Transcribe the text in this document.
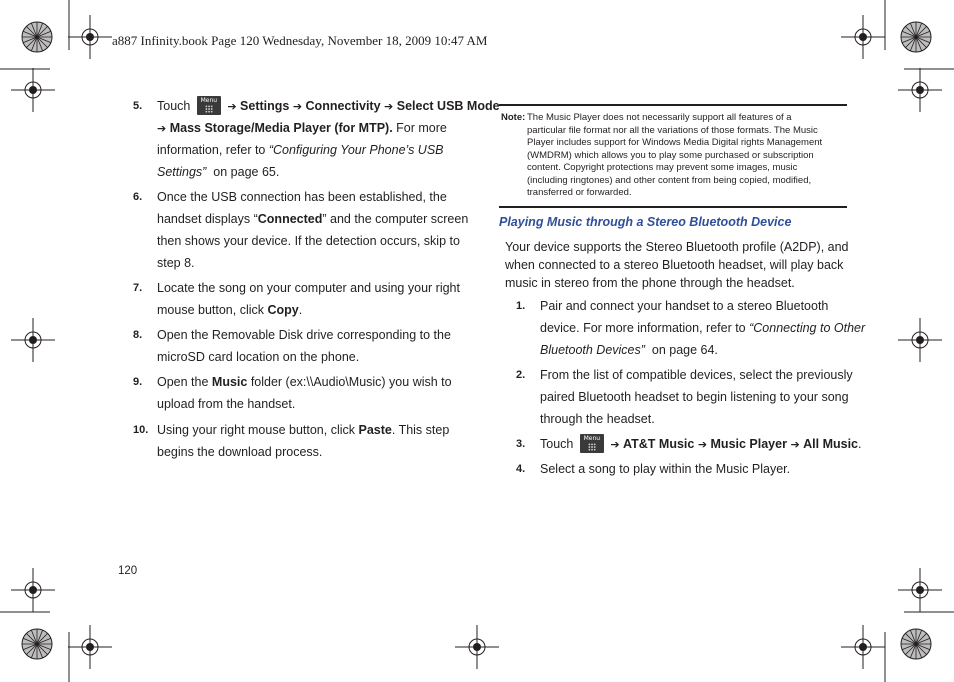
a887 Infinity.book Page 120 Wednesday, November 18, 2009 10:47 AM
5. Touch	Menu ➔ Settings ➔ Connectivity ➔ Select USB Mode
➔ Mass Storage/Media Player (for MTP). For more
information, refer to “Configuring Your Phone’s USB
Settings”  on page 65.
6. Once the USB connection has been established, the
handset displays “Connected” and the computer screen
then shows your device. If the detection occurs, skip to
step 8.
7. Locate the song on your computer and using your right
mouse button, click Copy.
8. Open the Removable Disk drive corresponding to the
microSD card location on the phone.
9. Open the Music folder (ex:\\Audio\Music) you wish to
upload from the handset.
10. Using your right mouse button, click Paste. This step
begins the download process.
Note: The Music Player does not necessarily support all features of a
particular file format nor all the variations of those formats. The Music
Player includes support for Windows Media Digital rights Management
(WMDRM) which allows you to play some purchased or subscription
content. Copyright protections may prevent some images, music
(including ringtones) and other content from being copied, modified,
transferred or forwarded.
Playing Music through a Stereo Bluetooth Device
Your device supports the Stereo Bluetooth profile (A2DP), and
when connected to a stereo Bluetooth headset, will play back
music in stereo from the phone through the headset.
1. Pair and connect your handset to a stereo Bluetooth
device. For more information, refer to “Connecting to Other
Bluetooth Devices”  on page 64.
2. From the list of compatible devices, select the previously
paired Bluetooth headset to begin listening to your song
through the headset.
3. Touch	Menu ➔ AT&T Music ➔ Music Player ➔ All Music.
4. Select a song to play within the Music Player.
120
